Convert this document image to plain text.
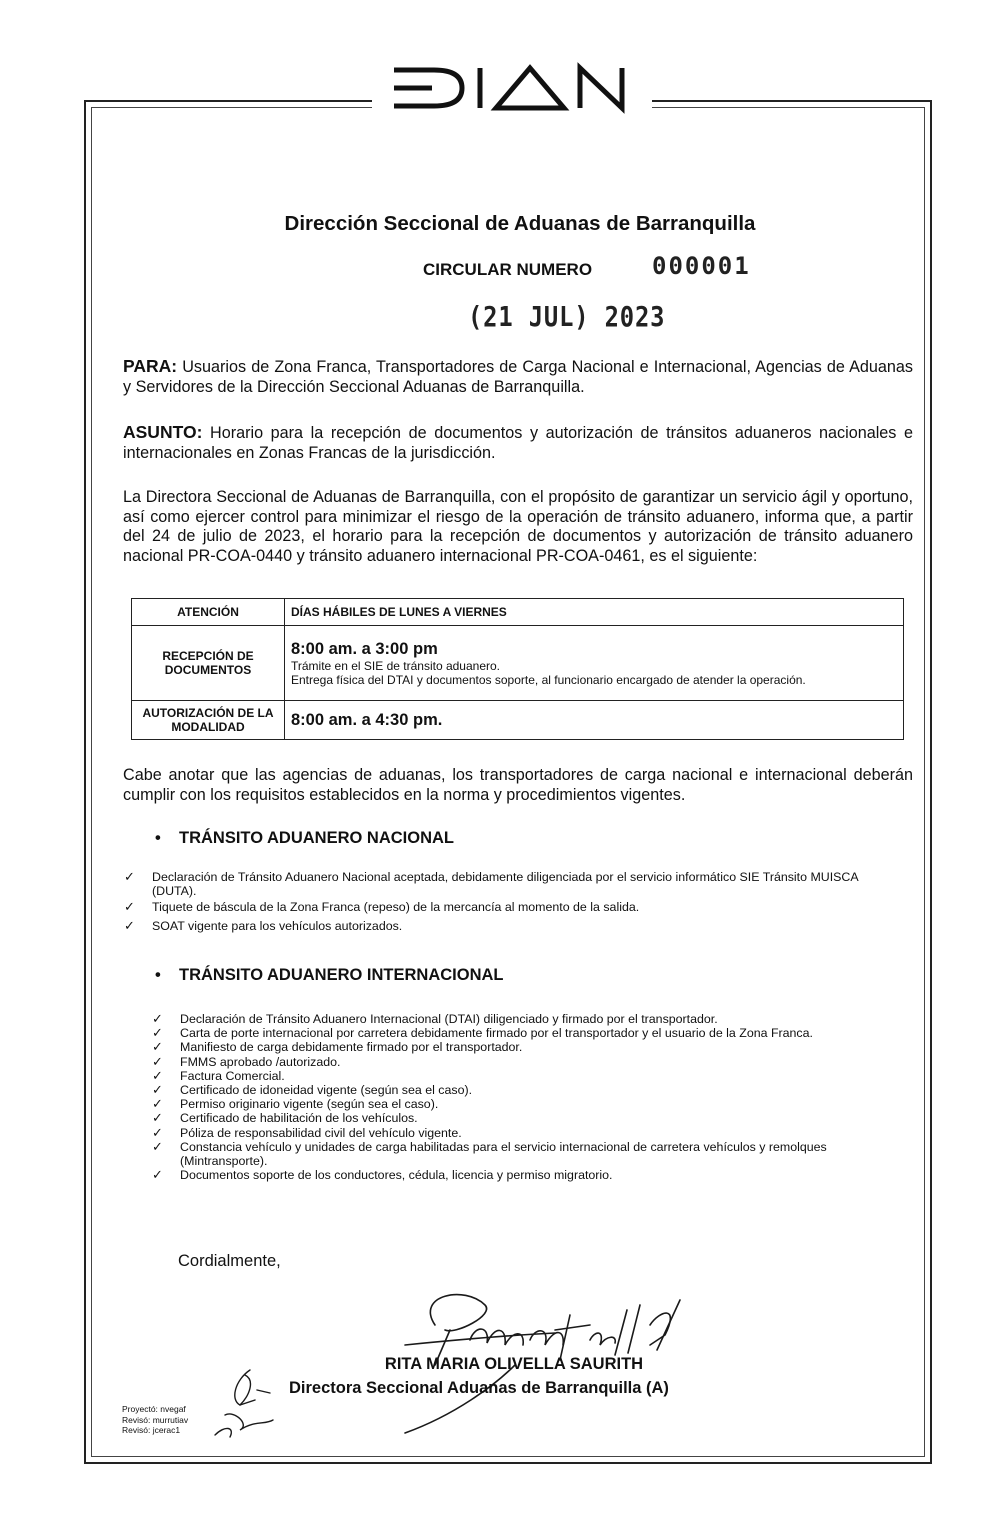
Dirección Seccional de Aduanas de Barranquilla
CIRCULAR NUMERO 000001
(21 JUL) 2023
PARA: Usuarios de Zona Franca, Transportadores de Carga Nacional e Internacional, Agencias de Aduanas y Servidores de la Dirección Seccional Aduanas de Barranquilla.
ASUNTO: Horario para la recepción de documentos y autorización de tránsitos aduaneros nacionales e internacionales en Zonas Francas de la jurisdicción.
La Directora Seccional de Aduanas de Barranquilla, con el propósito de garantizar un servicio ágil y oportuno, así como ejercer control para minimizar el riesgo de la operación de tránsito aduanero, informa que, a partir del 24 de julio de 2023, el horario para la recepción de documentos y autorización de tránsito aduanero nacional PR-COA-0440 y tránsito aduanero internacional PR-COA-0461, es el siguiente:
ATENCIÓN	DÍAS HÁBILES DE LUNES A VIERNES
RECEPCIÓN DE DOCUMENTOS	8:00 am. a 3:00 pm
Trámite en el SIE de tránsito aduanero.
Entrega física del DTAI y documentos soporte, al funcionario encargado de atender la operación.

AUTORIZACIÓN DE LA MODALIDAD	8:00 am. a 4:30 pm.
Cabe anotar que las agencias de aduanas, los transportadores de carga nacional e internacional deberán cumplir con los requisitos establecidos en la norma y procedimientos vigentes.
• TRÁNSITO ADUANERO NACIONAL
✓ Declaración de Tránsito Aduanero Nacional aceptada, debidamente diligenciada por el servicio informático SIE Tránsito MUISCA (DUTA).
✓ Tiquete de báscula de la Zona Franca (repeso) de la mercancía al momento de la salida.
✓ SOAT vigente para los vehículos autorizados.
• TRÁNSITO ADUANERO INTERNACIONAL
✓ Declaración de Tránsito Aduanero Internacional (DTAI) diligenciado y firmado por el transportador.
✓ Carta de porte internacional por carretera debidamente firmado por el transportador y el usuario de la Zona Franca.
✓ Manifiesto de carga debidamente firmado por el transportador.
✓ FMMS aprobado /autorizado.
✓ Factura Comercial.
✓ Certificado de idoneidad vigente (según sea el caso).
✓ Permiso originario vigente (según sea el caso).
✓ Certificado de habilitación de los vehículos.
✓ Póliza de responsabilidad civil del vehículo vigente.
✓ Constancia vehículo y unidades de carga habilitadas para el servicio internacional de carretera vehículos y remolques (Mintransporte).
✓ Documentos soporte de los conductores, cédula, licencia y permiso migratorio.
Cordialmente,
RITA MARIA OLIVELLA SAURITH
Directora Seccional Aduanas de Barranquilla (A)
Proyectó: nvegaf
Revisó: murrutiav
Revisó: jcerac1
